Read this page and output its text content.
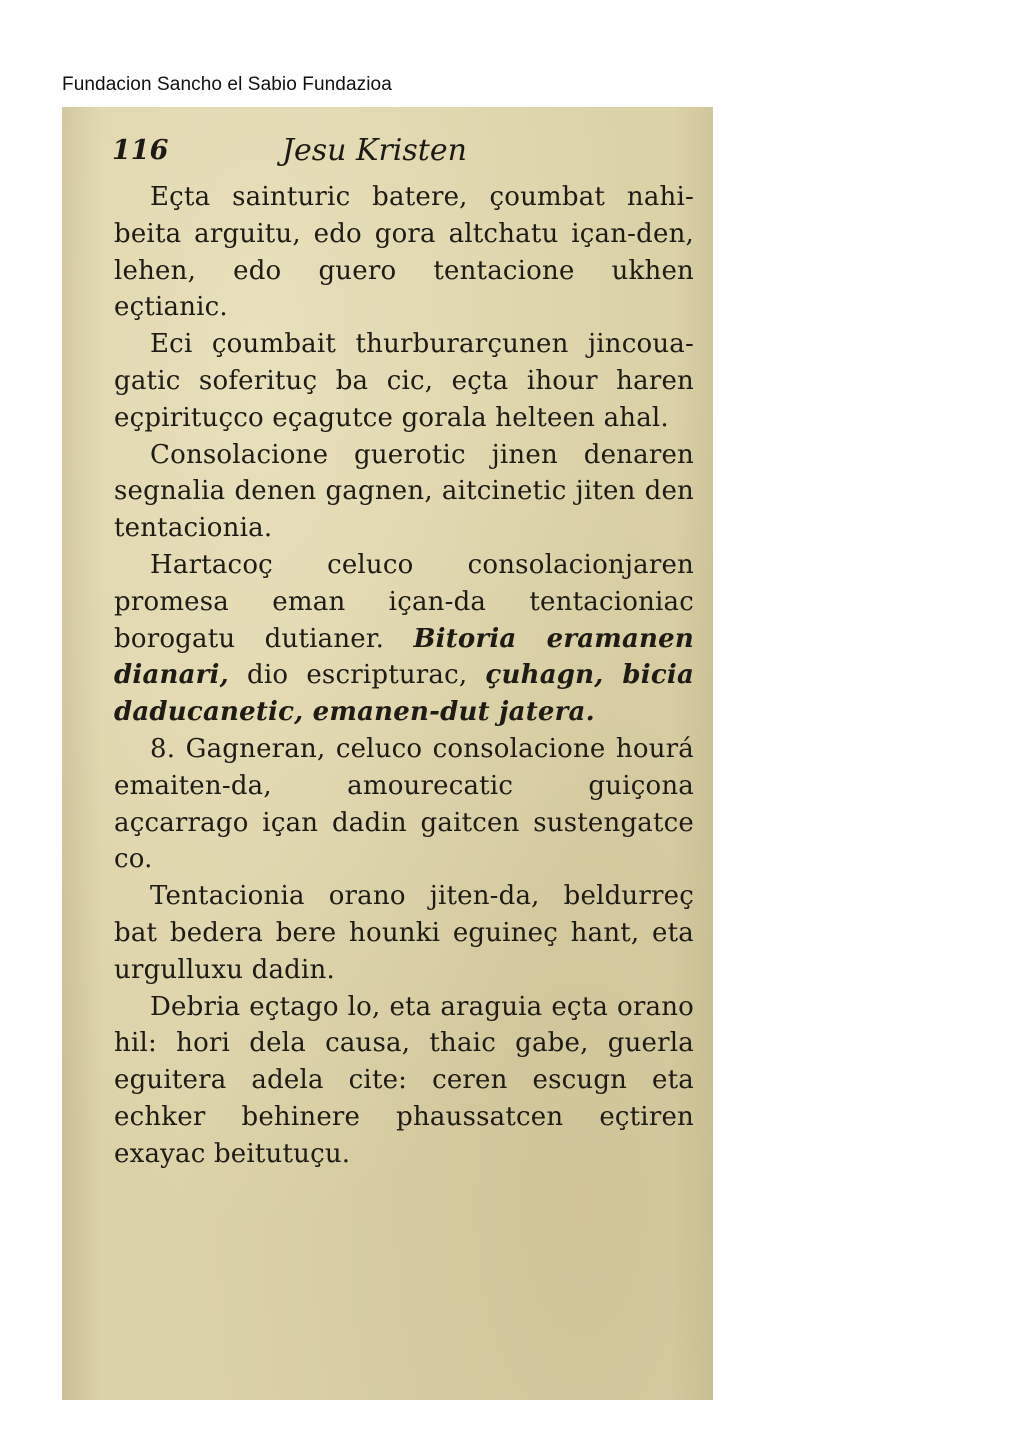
Fundacion Sancho el Sabio Fundazioa
116	Jesu Kristen

Eçta sainturic batere, çoumbat nahi-beita arguitu, edo gora altchatu içan-den, lehen, edo guero tentacione ukhen eçtianic.

Eci çoumbait thurburarçunen jincoua-gatic soferituç ba cic, eçta ihour haren eçpirituçco eçagutce gorala helteen ahal.

Consolacione guerotic jinen denaren segnalia denen gagnen, aitcinetic jiten den tentacionia.

Hartacoç celuco consolacionjaren promesa eman içan-da tentacioniac borogatu dutianer. Bitoria eramanen dianari, dio escripturac, çuhagn, bicia daducanetic, emanen-dut jatera.

8. Gagneran, celuco consolacione hourá emaiten-da, amourecatic guiçona açcarrago içan dadin gaitcen sustengatce co.

Tentacionia orano jiten-da, beldurreç bat bedera bere hounki eguineç hant, eta urgulluxu dadin.

Debria eçtago lo, eta araguia eçta orano hil: hori dela causa, thaic gabe, guerla eguitera adela cite: ceren escugn eta echker behinere phaussatcen eçtiren exayac beitutuçu.
